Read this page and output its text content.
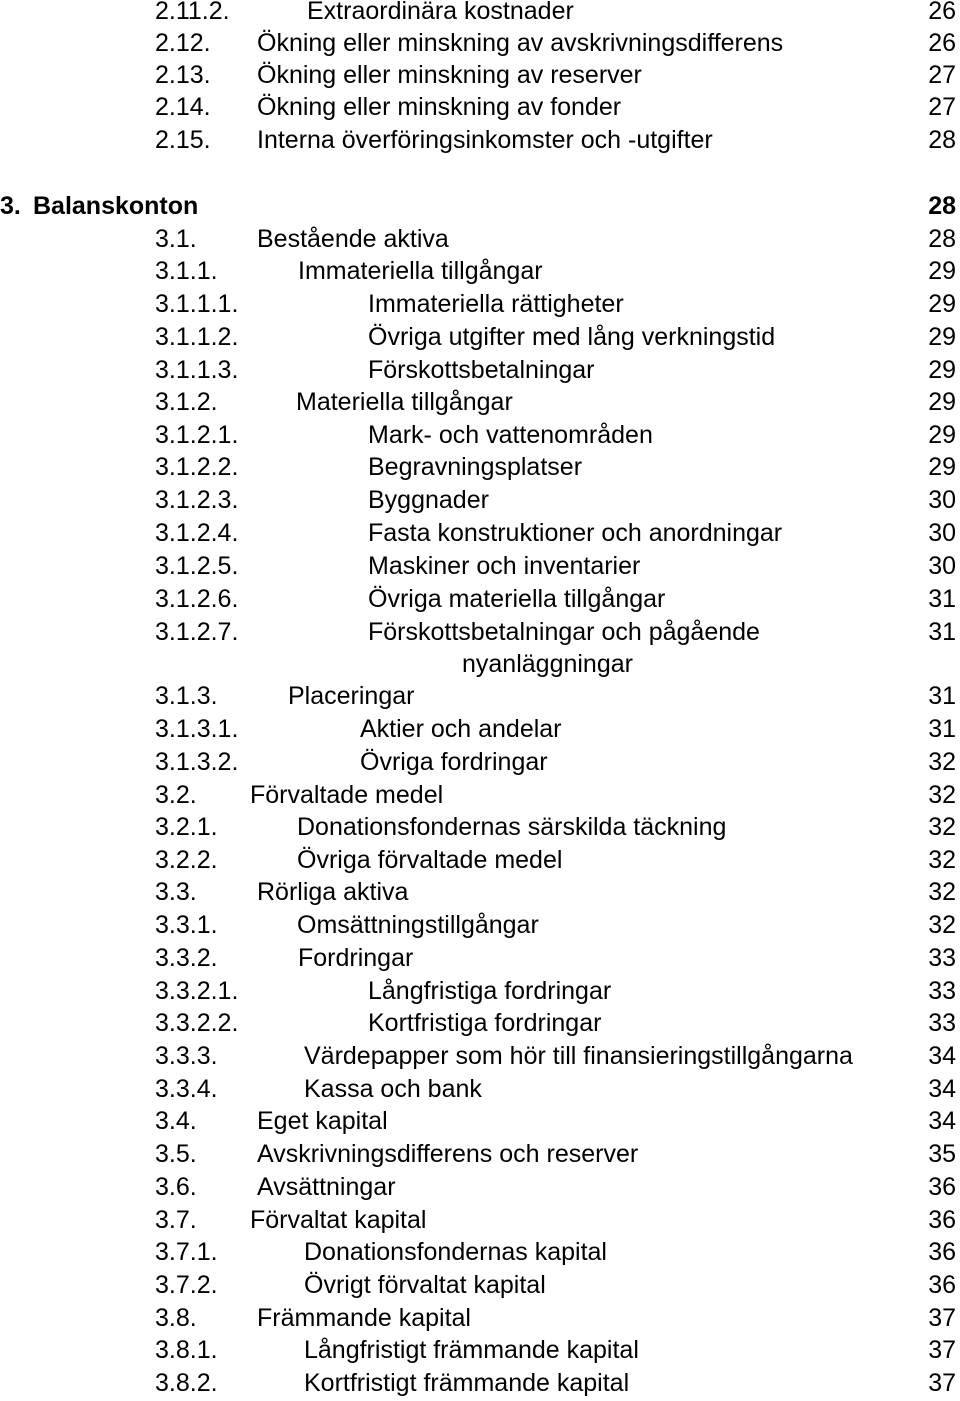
2.11.2.	Extraordinära kostnader	26
2.12. Ökning eller minskning av avskrivningsdifferens	26
2.13. Ökning eller minskning av reserver	27
2.14. Ökning eller minskning av fonder	27
2.15. Interna överföringsinkomster och -utgifter	28
3. Balanskonton	28
3.1. Bestående aktiva	28
3.1.1.	Immateriella tillgångar	29
3.1.1.1.	Immateriella rättigheter	29
3.1.1.2.	Övriga utgifter med lång verkningstid	29
3.1.1.3.	Förskottsbetalningar	29
3.1.2.	Materiella tillgångar	29
3.1.2.1.	Mark- och vattenområden	29
3.1.2.2.	Begravningsplatser	29
3.1.2.3.	Byggnader	30
3.1.2.4.	Fasta konstruktioner och anordningar	30
3.1.2.5.	Maskiner och inventarier	30
3.1.2.6.	Övriga materiella tillgångar	31
3.1.2.7.	Förskottsbetalningar och pågående	31
nyanläggningar
3.1.3.	Placeringar	31
3.1.3.1.	Aktier och andelar	31
3.1.3.2.	Övriga fordringar	32
3.2. Förvaltade medel	32
3.2.1.	Donationsfondernas särskilda täckning	32
3.2.2.	Övriga förvaltade medel	32
3.3. Rörliga aktiva	32
3.3.1.	Omsättningstillgångar	32
3.3.2.	Fordringar	33
3.3.2.1.	Långfristiga fordringar	33
3.3.2.2.	Kortfristiga fordringar	33
3.3.3.	Värdepapper som hör till finansieringstillgångarna	34
3.3.4.	Kassa och bank	34
3.4. Eget kapital	34
3.5. Avskrivningsdifferens och reserver	35
3.6. Avsättningar	36
3.7. Förvaltat kapital	36
3.7.1.	Donationsfondernas kapital	36
3.7.2.	Övrigt förvaltat kapital	36
3.8. Främmande kapital	37
3.8.1.	Långfristigt främmande kapital	37
3.8.2.	Kortfristigt främmande kapital	37
